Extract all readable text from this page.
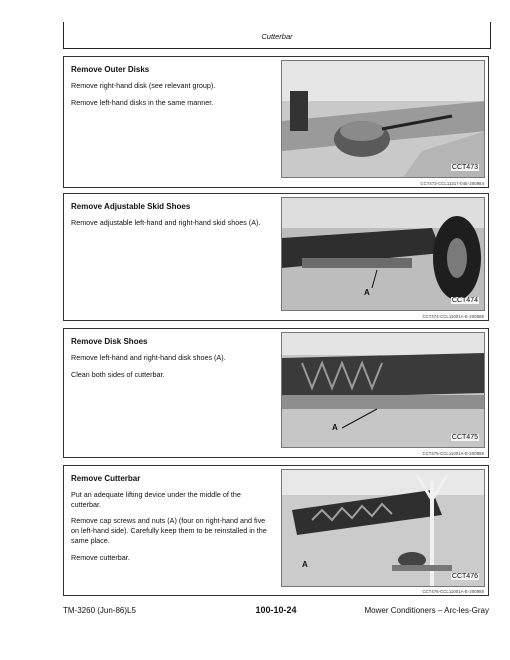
Cutterbar
Remove Outer Disks

Remove right-hand disk (see relevant group).

Remove left-hand disks in the same manner.

CCT473
CCT473-CCL11317-04E-200984
Remove Adjustable Skid Shoes

Remove adjustable left-hand and right-hand skid shoes (A).

A
CCT474
CCT474-CCL11001A-E-200886
Remove Disk Shoes

Remove left-hand and right-hand disk shoes (A).

Clean both sides of cutterbar.

A
CCT475
CCT475-CCL11001A-E-200886
Remove Cutterbar

Put an adequate lifting device under the middle of the cutterbar.

Remove cap screws and nuts (A) (four on right-hand and five on left-hand side). Carefully keep them to be reinstalled in the same place.

Remove cutterbar.

A
CCT476
CCT476-CCL11001A-E-200886
TM-3260 (Jun-86)L5	100-10-24	Mower Conditioners – Arc-les-Gray
